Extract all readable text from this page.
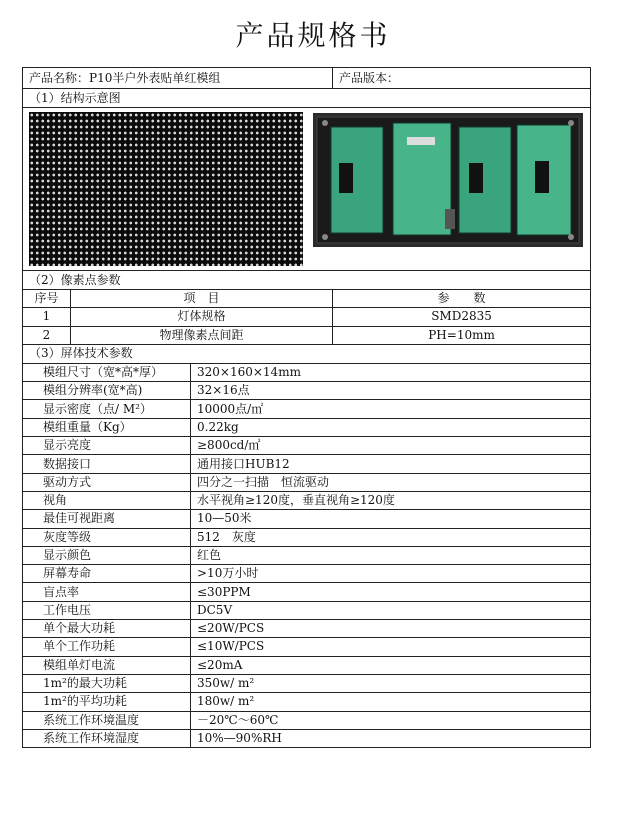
产品规格书
产品名称：P10半户外表贴单红模组			产品版本：
（1）结构示意图			

（2）像素点参数			
序号	项　目		参　　数
1	灯体规格		SMD2835
2	物理像素点间距		PH=10mm
（3）屏体技术参数			
模组尺寸（宽*高*厚）		320×160×14mm	
模组分辨率(宽*高)		32×16点	
显示密度（点/ M²）		10000点/㎡	
模组重量（Kg）		0.22kg	
显示亮度		≥800cd/㎡	
数据接口		通用接口HUB12	
驱动方式		四分之一扫描　恒流驱动	
视角		水平视角≥120度，垂直视角≥120度	
最佳可视距离		10—50米	
灰度等级		512　灰度	
显示颜色		红色	
屏幕寿命		>10万小时	
盲点率		≤30PPM	
工作电压		DC5V	
单个最大功耗		≤20W/PCS	
单个工作功耗		≤10W/PCS	
模组单灯电流		≤20mA	
1m²的最大功耗		350w/ m²	
1m²的平均功耗		180w/ m²	
系统工作环境温度		－20℃～60℃	
系统工作环境湿度		10%—90%RH	
